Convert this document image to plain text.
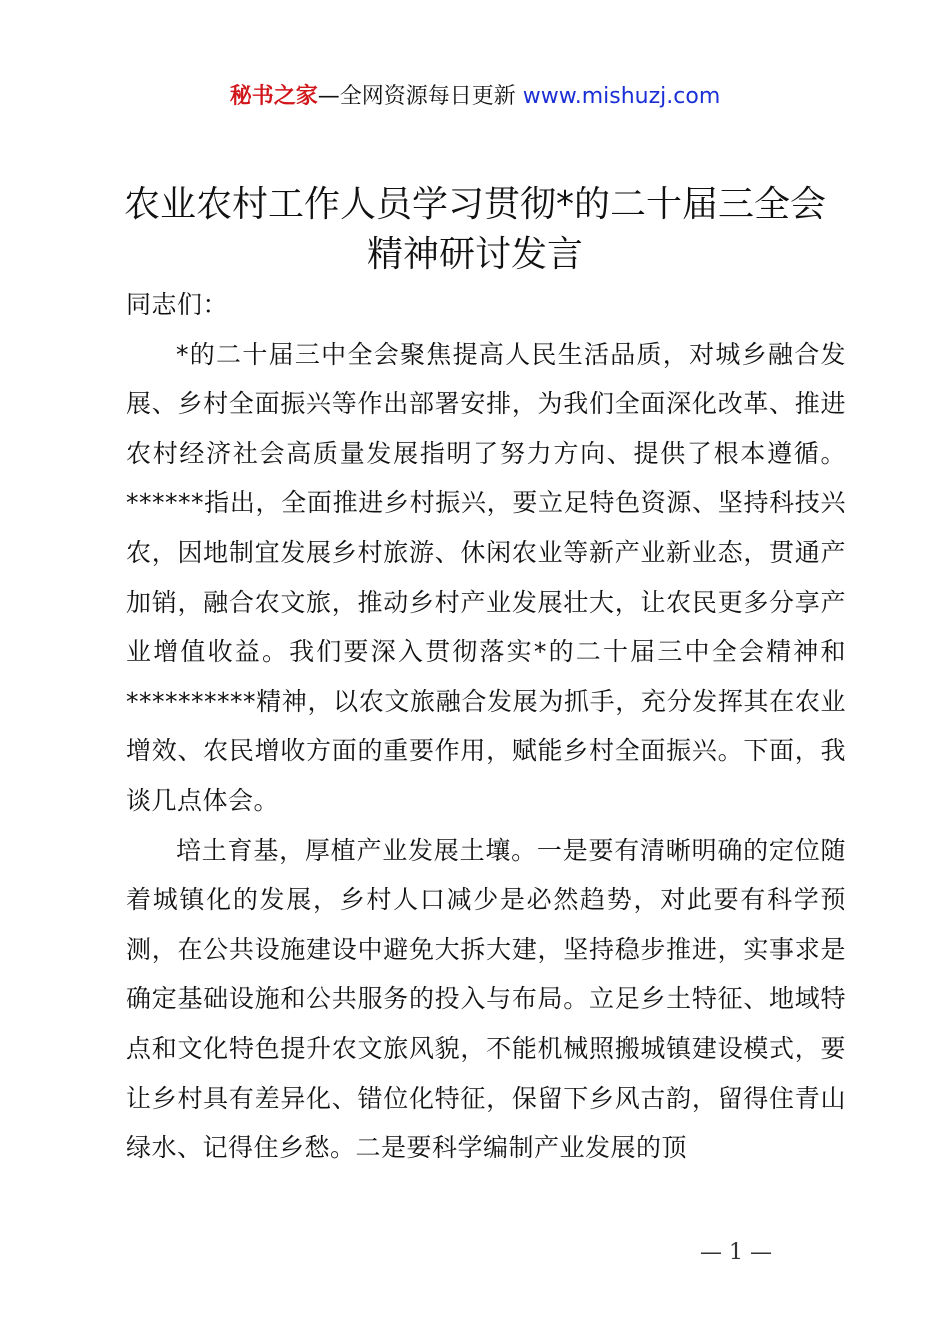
秘书之家—全网资源每日更新 www.mishuzj.com
农业农村工作人员学习贯彻*的二十届三全会
精神研讨发言

同志们：

*的二十届三中全会聚焦提高人民生活品质，对城乡融合发展、乡村全面振兴等作出部署安排，为我们全面深化改革、推进农村经济社会高质量发展指明了努力方向、提供了根本遵循。******指出，全面推进乡村振兴，要立足特色资源、坚持科技兴农，因地制宜发展乡村旅游、休闲农业等新产业新业态，贯通产加销，融合农文旅，推动乡村产业发展壮大，让农民更多分享产业增值收益。我们要深入贯彻落实*的二十届三中全会精神和**********精神，以农文旅融合发展为抓手，充分发挥其在农业增效、农民增收方面的重要作用，赋能乡村全面振兴。下面，我谈几点体会。

培土育基，厚植产业发展土壤。一是要有清晰明确的定位随着城镇化的发展，乡村人口减少是必然趋势，对此要有科学预测，在公共设施建设中避免大拆大建，坚持稳步推进，实事求是确定基础设施和公共服务的投入与布局。立足乡土特征、地域特点和文化特色提升农文旅风貌，不能机械照搬城镇建设模式，要让乡村具有差异化、错位化特征，保留下乡风古韵，留得住青山绿水、记得住乡愁。二是要科学编制产业发展的顶

— 1 —
